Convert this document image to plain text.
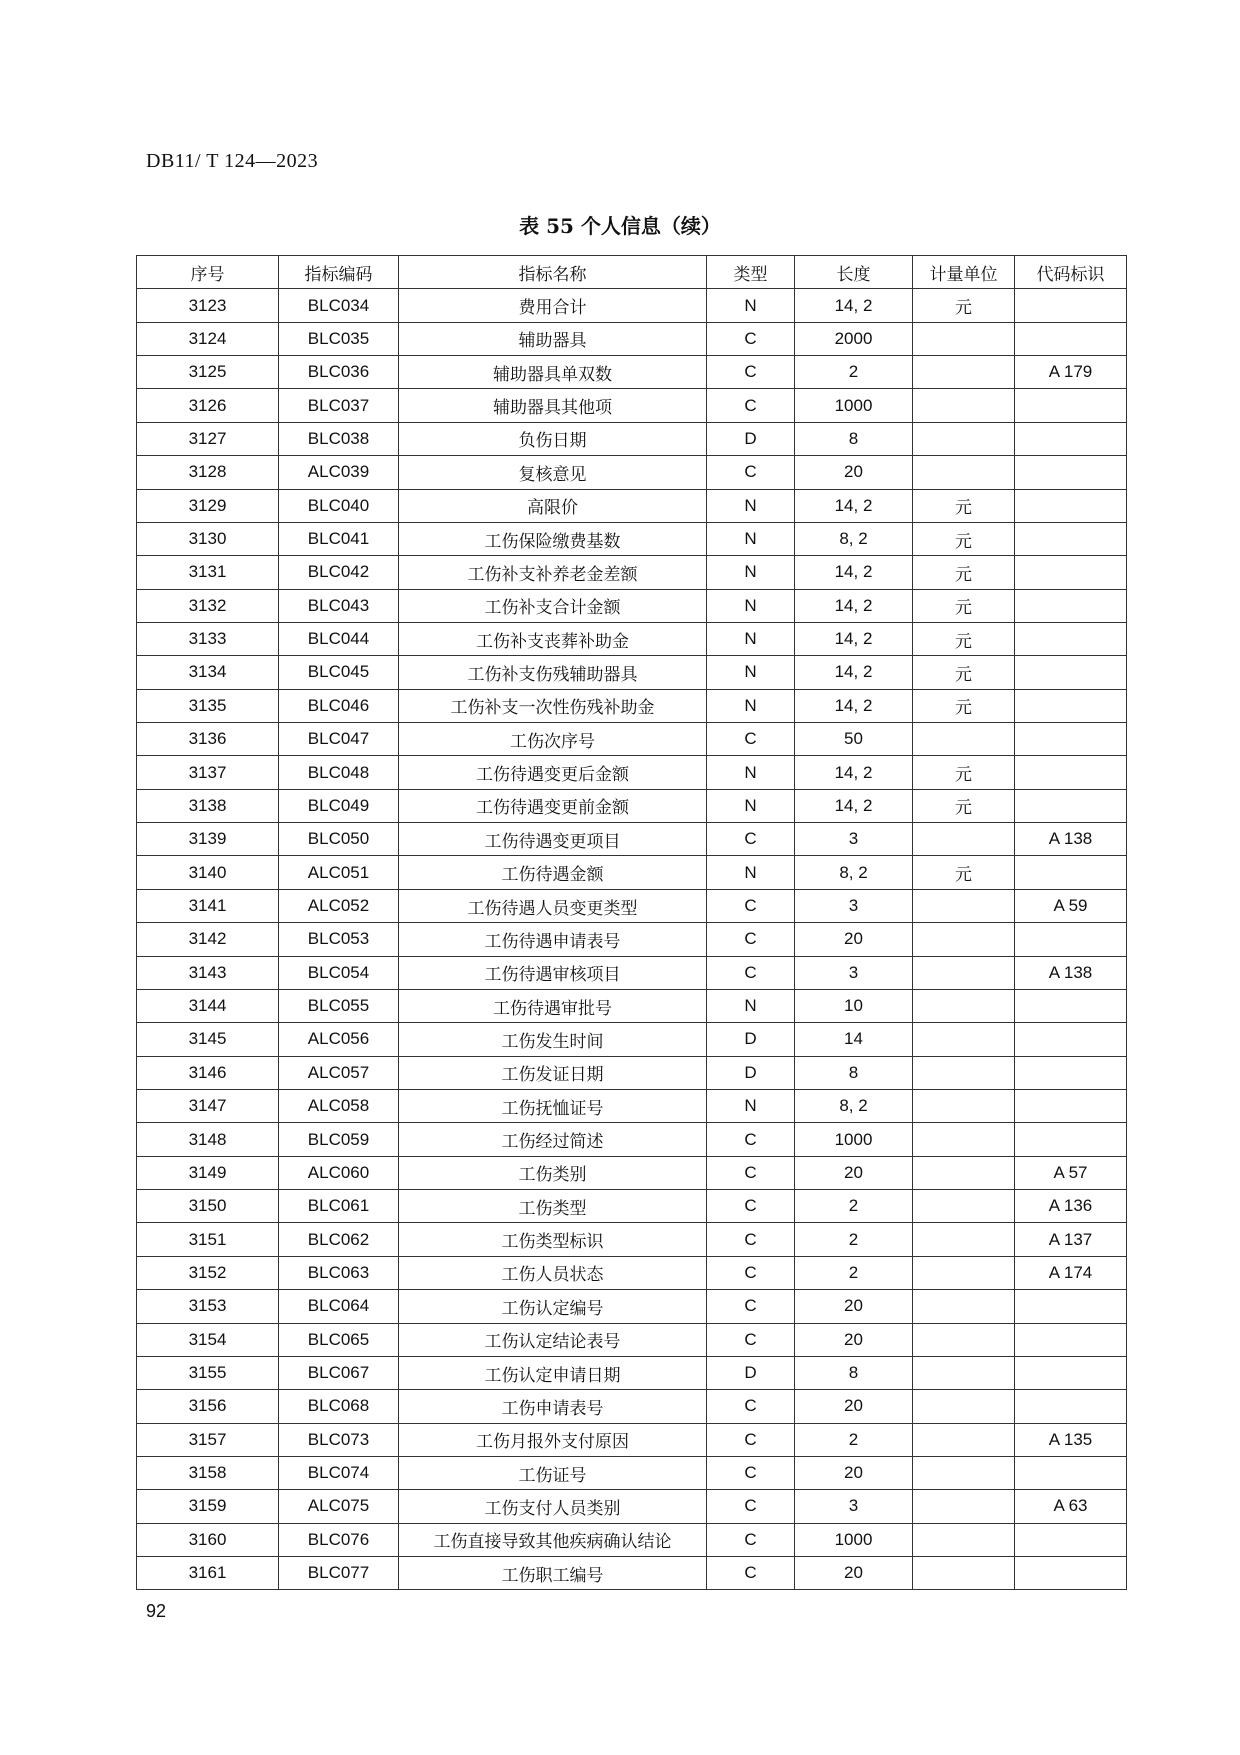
DB11/ T 124—2023
表 55 个人信息（续）
序号	指标编码	指标名称	类型	长度	计量单位	代码标识
3123	BLC034	费用合计	N	14, 2	元	
3124	BLC035	辅助器具	C	2000		
3125	BLC036	辅助器具单双数	C	2		A 179
3126	BLC037	辅助器具其他项	C	1000		
3127	BLC038	负伤日期	D	8		
3128	ALC039	复核意见	C	20		
3129	BLC040	高限价	N	14, 2	元	
3130	BLC041	工伤保险缴费基数	N	8, 2	元	
3131	BLC042	工伤补支补养老金差额	N	14, 2	元	
3132	BLC043	工伤补支合计金额	N	14, 2	元	
3133	BLC044	工伤补支丧葬补助金	N	14, 2	元	
3134	BLC045	工伤补支伤残辅助器具	N	14, 2	元	
3135	BLC046	工伤补支一次性伤残补助金	N	14, 2	元	
3136	BLC047	工伤次序号	C	50		
3137	BLC048	工伤待遇变更后金额	N	14, 2	元	
3138	BLC049	工伤待遇变更前金额	N	14, 2	元	
3139	BLC050	工伤待遇变更项目	C	3		A 138
3140	ALC051	工伤待遇金额	N	8, 2	元	
3141	ALC052	工伤待遇人员变更类型	C	3		A 59
3142	BLC053	工伤待遇申请表号	C	20		
3143	BLC054	工伤待遇审核项目	C	3		A 138
3144	BLC055	工伤待遇审批号	N	10		
3145	ALC056	工伤发生时间	D	14		
3146	ALC057	工伤发证日期	D	8		
3147	ALC058	工伤抚恤证号	N	8, 2		
3148	BLC059	工伤经过简述	C	1000		
3149	ALC060	工伤类别	C	20		A 57
3150	BLC061	工伤类型	C	2		A 136
3151	BLC062	工伤类型标识	C	2		A 137
3152	BLC063	工伤人员状态	C	2		A 174
3153	BLC064	工伤认定编号	C	20		
3154	BLC065	工伤认定结论表号	C	20		
3155	BLC067	工伤认定申请日期	D	8		
3156	BLC068	工伤申请表号	C	20		
3157	BLC073	工伤月报外支付原因	C	2		A 135
3158	BLC074	工伤证号	C	20		
3159	ALC075	工伤支付人员类别	C	3		A 63
3160	BLC076	工伤直接导致其他疾病确认结论	C	1000		
3161	BLC077	工伤职工编号	C	20		
92
